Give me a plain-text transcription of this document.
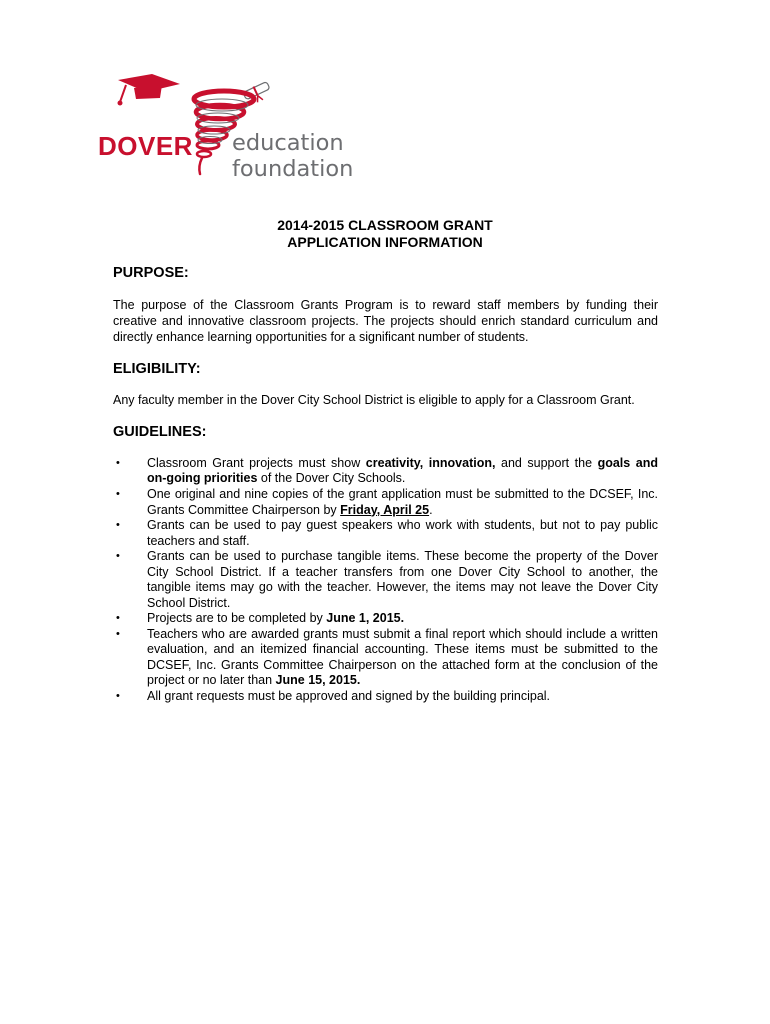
DOVER education foundation
2014-2015 CLASSROOM GRANT
APPLICATION INFORMATION
PURPOSE:
The purpose of the Classroom Grants Program is to reward staff members by funding their creative and innovative classroom projects. The projects should enrich standard curriculum and directly enhance learning opportunities for a significant number of students.
ELIGIBILITY:
Any faculty member in the Dover City School District is eligible to apply for a Classroom Grant.
GUIDELINES:
• Classroom Grant projects must show creativity, innovation, and support the goals and on-going priorities of the Dover City Schools.
• One original and nine copies of the grant application must be submitted to the DCSEF, Inc. Grants Committee Chairperson by Friday, April 25.
• Grants can be used to pay guest speakers who work with students, but not to pay public teachers and staff.
• Grants can be used to purchase tangible items. These become the property of the Dover City School District. If a teacher transfers from one Dover City School to another, the tangible items may go with the teacher. However, the items may not leave the Dover City School District.
• Projects are to be completed by June 1, 2015.
• Teachers who are awarded grants must submit a final report which should include a written evaluation, and an itemized financial accounting. These items must be submitted to the DCSEF, Inc. Grants Committee Chairperson on the attached form at the conclusion of the project or no later than June 15, 2015.
• All grant requests must be approved and signed by the building principal.
